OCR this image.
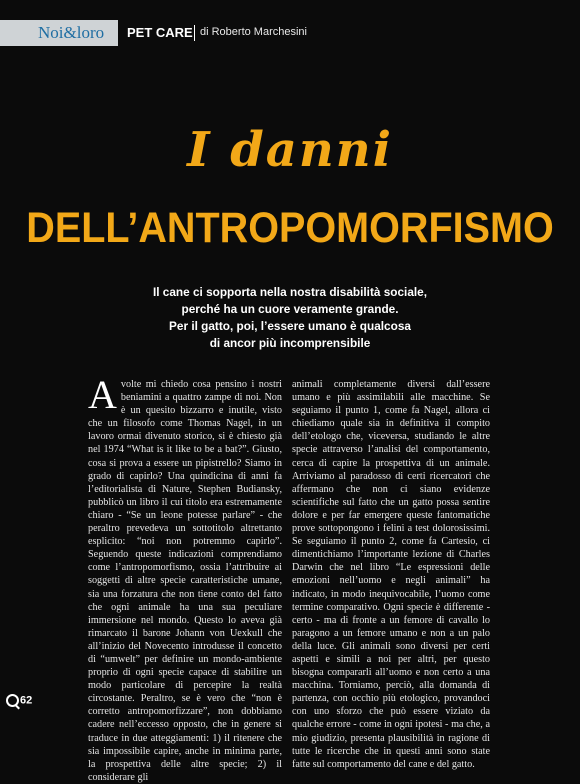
Noi&loro PET CARE di Roberto Marchesini
I danni
DELL’ANTROPOMORFISMO
Il cane ci sopporta nella nostra disabilità sociale,
perché ha un cuore veramente grande.
Per il gatto, poi, l’essere umano è qualcosa
di ancor più incomprensibile
A volte mi chiedo cosa pensino i nostri beniamini a quattro zampe di noi. Non è un quesito bizzarro e inutile, visto che un filosofo come Thomas Nagel, in un lavoro ormai divenuto storico, si è chiesto già nel 1974 “What is it like to be a bat?”. Giusto, cosa si prova a essere un pipistrello? Siamo in grado di capirlo? Una quindicina di anni fa l’editorialista di Nature, Stephen Budiansky, pubblicò un libro il cui titolo era estremamente chiaro - “Se un leone potesse parlare” - che peraltro prevedeva un sottotitolo altrettanto esplicito: “noi non potremmo capirlo”. Seguendo queste indicazioni comprendiamo come l’antropomorfismo, ossia l’attribuire ai soggetti di altre specie caratteristiche umane, sia una forzatura che non tiene conto del fatto che ogni animale ha una sua peculiare immersione nel mondo. Questo lo aveva già rimarcato il barone Johann von Uexkull che all’inizio del Novecento introdusse il concetto di “umwelt” per definire un mondo-ambiente proprio di ogni specie capace di stabilire un modo particolare di percepire la realtà circostante. Peraltro, se è vero che “non è corretto antropomorfizzare”, non dobbiamo cadere nell’eccesso opposto, che in genere si traduce in due atteggiamenti: 1) il ritenere che sia impossibile capire, anche in minima parte, la prospettiva delle altre specie; 2) il considerare gli
animali completamente diversi dall’essere umano e più assimilabili alle macchine. Se seguiamo il punto 1, come fa Nagel, allora ci chiediamo quale sia in definitiva il compito dell’etologo che, viceversa, studiando le altre specie attraverso l’analisi del comportamento, cerca di capire la prospettiva di un animale. Arriviamo al paradosso di certi ricercatori che affermano che non ci siano evidenze scientifiche sul fatto che un gatto possa sentire dolore e per far emergere queste fantomatiche prove sottopongono i felini a test dolorosissimi. Se seguiamo il punto 2, come fa Cartesio, ci dimentichiamo l’importante lezione di Charles Darwin che nel libro “Le espressioni delle emozioni nell’uomo e negli animali” ha indicato, in modo inequivocabile, l’uomo come termine comparativo. Ogni specie è differente - certo - ma di fronte a un femore di cavallo lo paragono a un femore umano e non a un palo della luce. Gli animali sono diversi per certi aspetti e simili a noi per altri, per questo bisogna compararli all’uomo e non certo a una macchina. Torniamo, perciò, alla domanda di partenza, con occhio più etologico, provandoci con uno sforzo che può essere viziato da qualche errore - come in ogni ipotesi - ma che, a mio giudizio, presenta plausibilità in ragione di tutte le ricerche che in questi anni sono state fatte sul comportamento del cane e del gatto.
62
